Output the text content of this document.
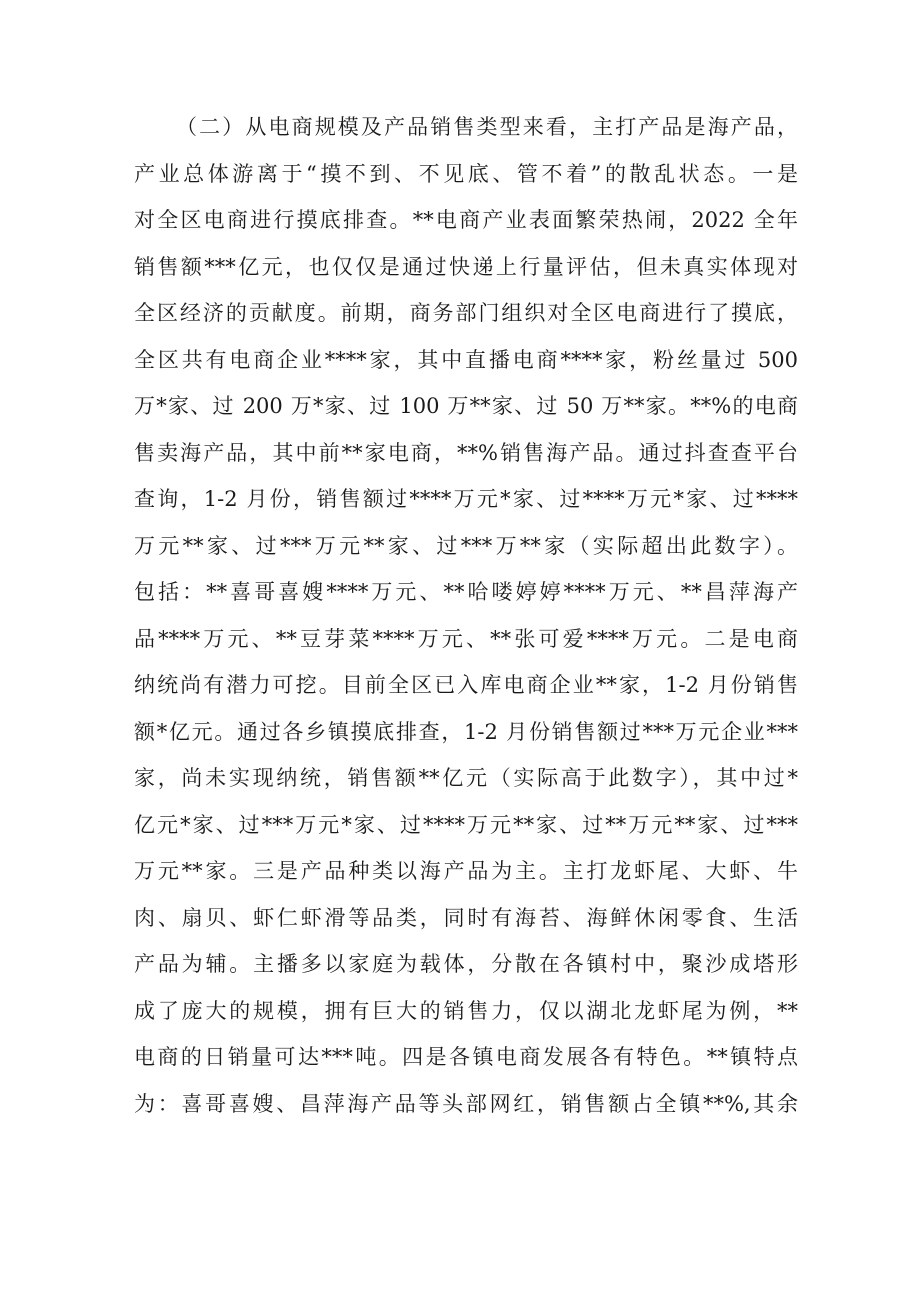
（二）从电商规模及产品销售类型来看，主打产品是海产品，
产业总体游离于“摸不到、不见底、管不着”的散乱状态。一是
对全区电商进行摸底排查。**电商产业表面繁荣热闹，2022 全年
销售额***亿元，也仅仅是通过快递上行量评估，但未真实体现对
全区经济的贡献度。前期，商务部门组织对全区电商进行了摸底，
全区共有电商企业****家，其中直播电商****家，粉丝量过 500
万*家、过 200 万*家、过 100 万**家、过 50 万**家。**%的电商
售卖海产品，其中前**家电商，**%销售海产品。通过抖查查平台
查询，1-2 月份，销售额过****万元*家、过****万元*家、过****
万元**家、过***万元**家、过***万**家（实际超出此数字）。
包括：**喜哥喜嫂****万元、**哈喽婷婷****万元、**昌萍海产
品****万元、**豆芽菜****万元、**张可爱****万元。二是电商
纳统尚有潜力可挖。目前全区已入库电商企业**家，1-2 月份销售
额*亿元。通过各乡镇摸底排查，1-2 月份销售额过***万元企业***
家，尚未实现纳统，销售额**亿元（实际高于此数字），其中过*
亿元*家、过***万元*家、过****万元**家、过**万元**家、过***
万元**家。三是产品种类以海产品为主。主打龙虾尾、大虾、牛
肉、扇贝、虾仁虾滑等品类，同时有海苔、海鲜休闲零食、生活
产品为辅。主播多以家庭为载体，分散在各镇村中，聚沙成塔形
成了庞大的规模，拥有巨大的销售力，仅以湖北龙虾尾为例，**
电商的日销量可达***吨。四是各镇电商发展各有特色。**镇特点
为：喜哥喜嫂、昌萍海产品等头部网红，销售额占全镇**%,其余
